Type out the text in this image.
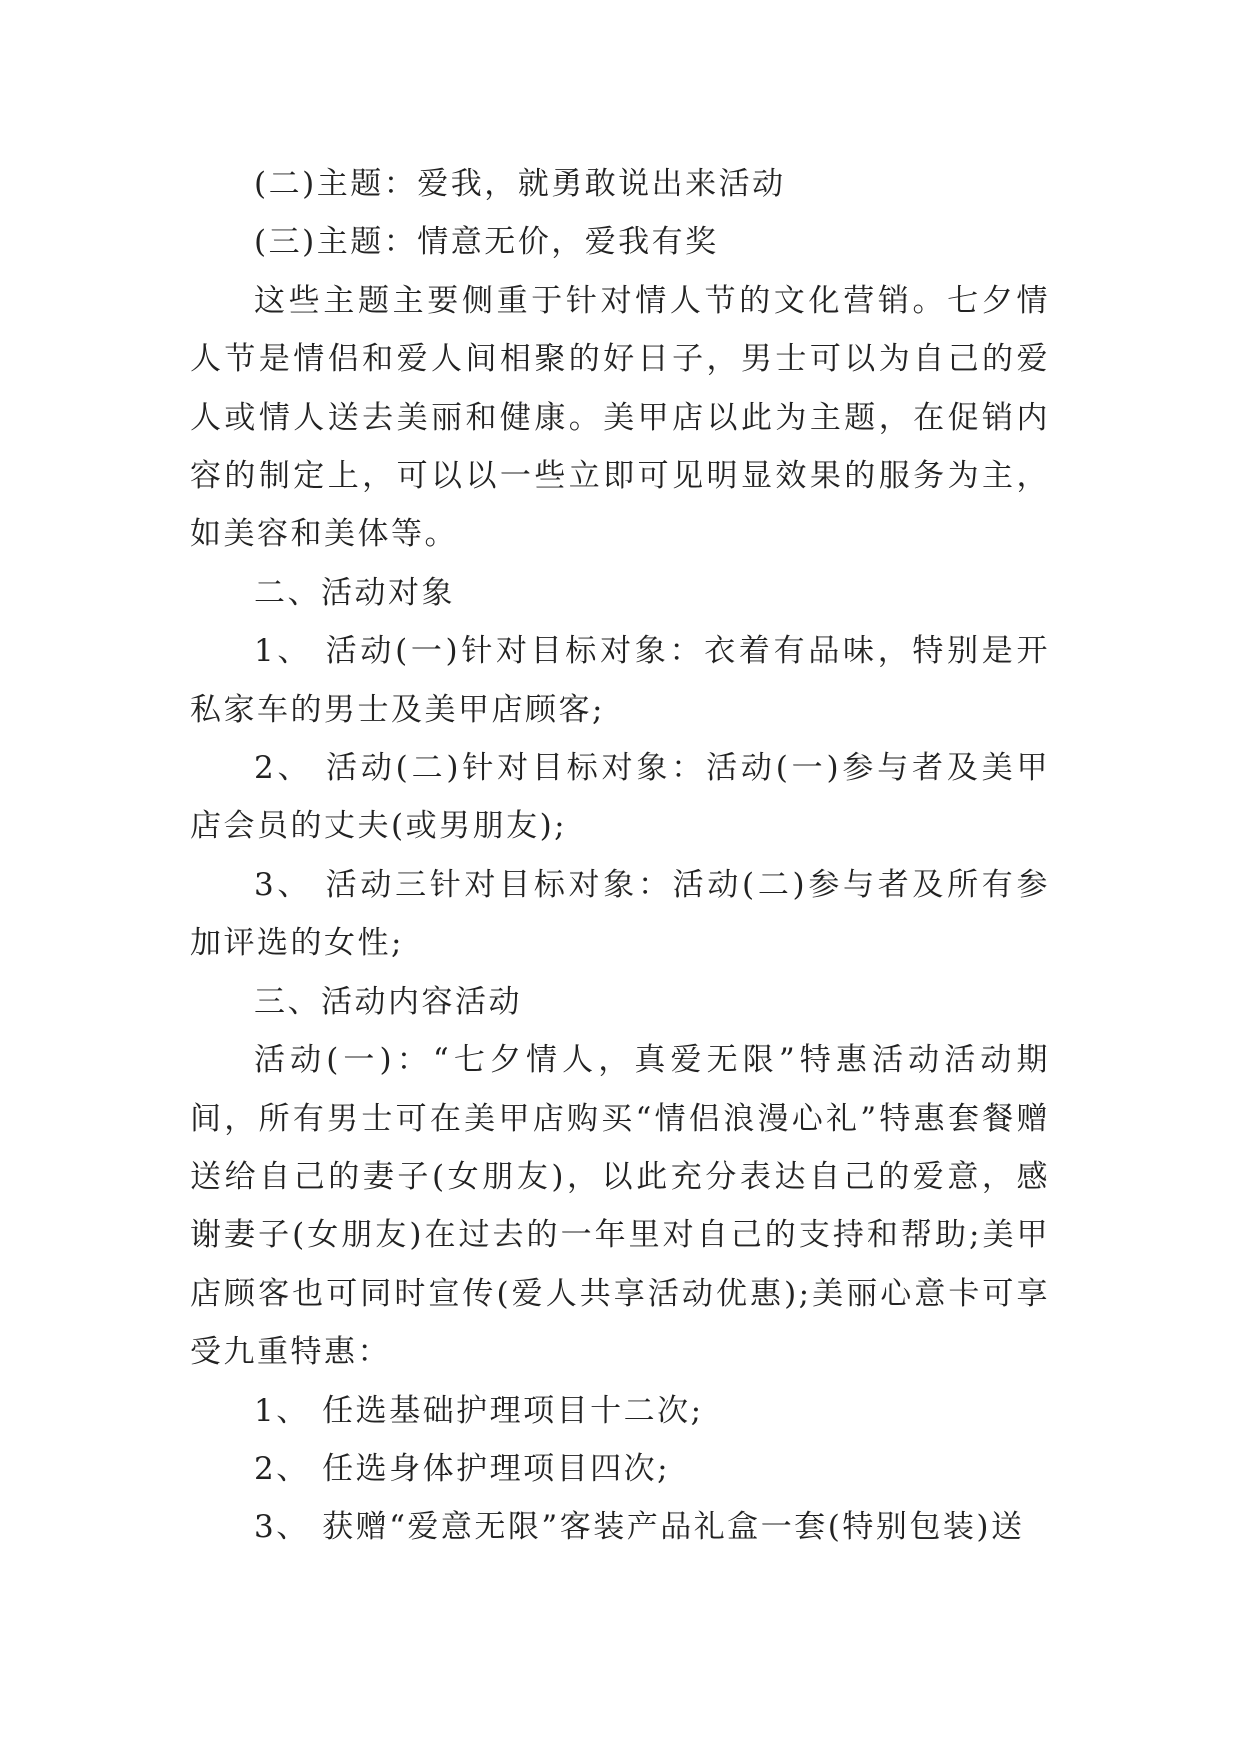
(二)主题：爱我，就勇敢说出来活动

(三)主题：情意无价，爱我有奖

这些主题主要侧重于针对情人节的文化营销。七夕情人节是情侣和爱人间相聚的好日子，男士可以为自己的爱人或情人送去美丽和健康。美甲店以此为主题，在促销内容的制定上，可以以一些立即可见明显效果的服务为主，如美容和美体等。

二、活动对象

1、 活动(一)针对目标对象：衣着有品味，特别是开私家车的男士及美甲店顾客;

2、 活动(二)针对目标对象：活动(一)参与者及美甲店会员的丈夫(或男朋友);

3、 活动三针对目标对象：活动(二)参与者及所有参加评选的女性;

三、活动内容活动

活动(一)：“七夕情人，真爱无限”特惠活动活动期间，所有男士可在美甲店购买“情侣浪漫心礼”特惠套餐赠送给自己的妻子(女朋友)，以此充分表达自己的爱意，感谢妻子(女朋友)在过去的一年里对自己的支持和帮助;美甲店顾客也可同时宣传(爱人共享活动优惠);美丽心意卡可享受九重特惠：

1、 任选基础护理项目十二次;

2、 任选身体护理项目四次;

3、 获赠“爱意无限”客装产品礼盒一套(特别包装)送
